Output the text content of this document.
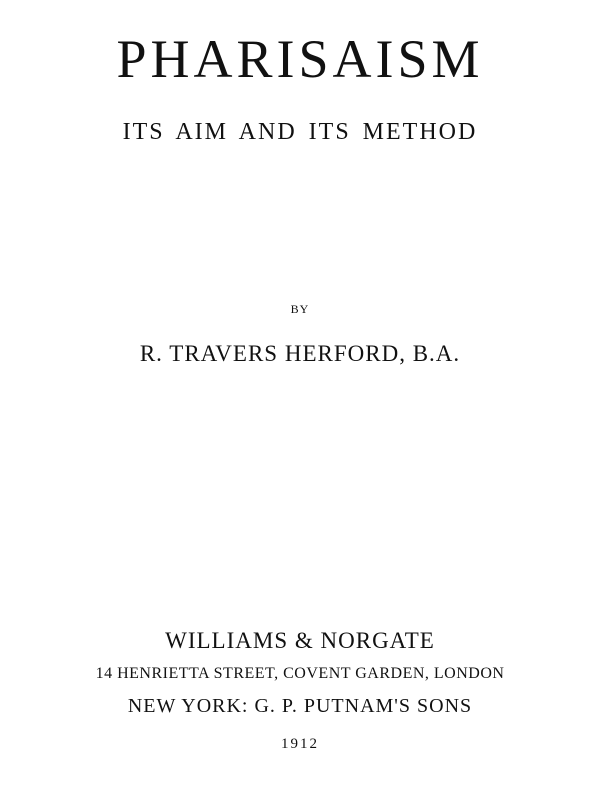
PHARISAISM
ITS AIM AND ITS METHOD
BY
R. TRAVERS HERFORD, B.A.
WILLIAMS & NORGATE
14 HENRIETTA STREET, COVENT GARDEN, LONDON
NEW YORK: G. P. PUTNAM'S SONS
1912
